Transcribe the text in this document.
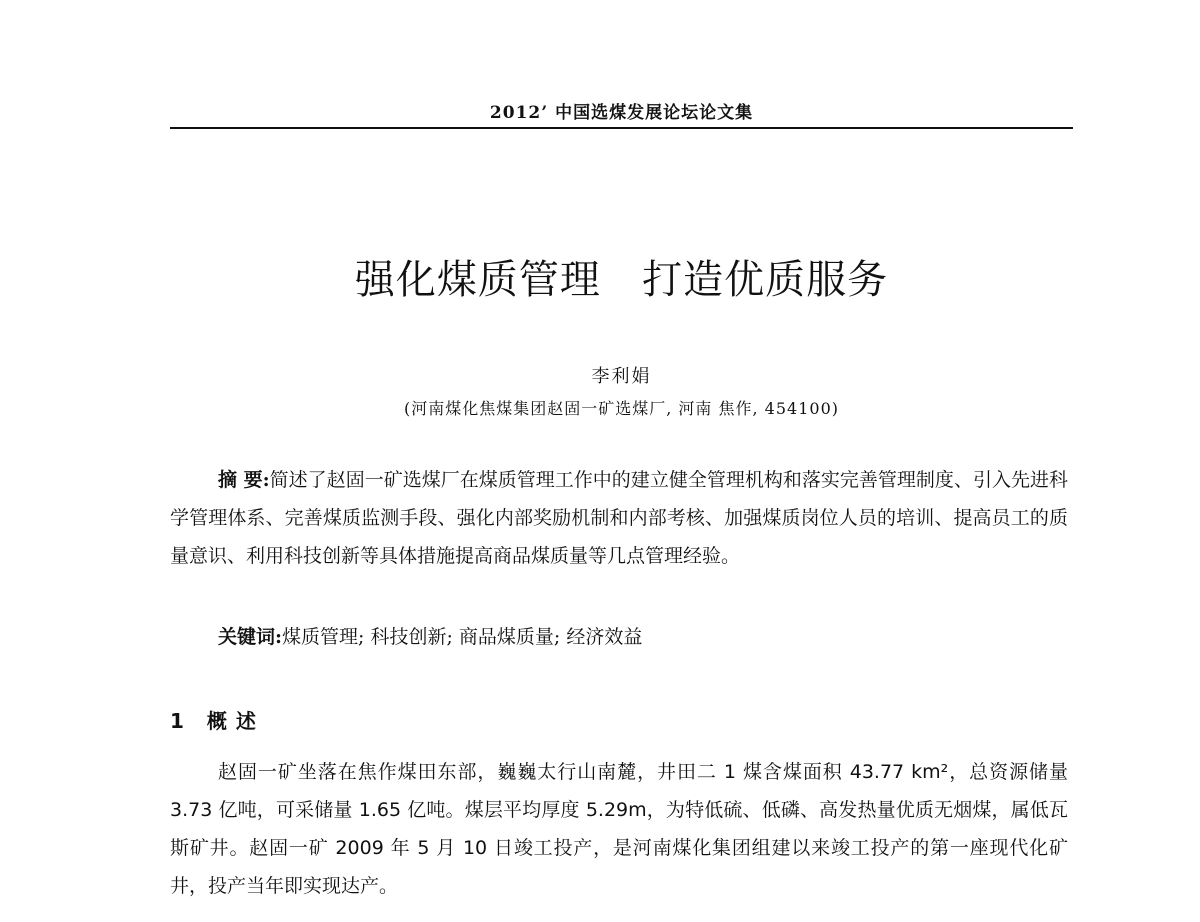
2012’ 中国选煤发展论坛论文集
强化煤质管理   打造优质服务
李利娟
(河南煤化焦煤集团赵固一矿选煤厂, 河南 焦作, 454100)

摘 要:简述了赵固一矿选煤厂在煤质管理工作中的建立健全管理机构和落实完善管理制度、引入先进科学管理体系、完善煤质监测手段、强化内部奖励机制和内部考核、加强煤质岗位人员的培训、提高员工的质量意识、利用科技创新等具体措施提高商品煤质量等几点管理经验。

关键词:煤质管理; 科技创新; 商品煤质量; 经济效益

1 概 述

赵固一矿坐落在焦作煤田东部，巍巍太行山南麓，井田二 1 煤含煤面积 43.77 km²，总资源储量 3.73 亿吨，可采储量 1.65 亿吨。煤层平均厚度 5.29m，为特低硫、低磷、高发热量优质无烟煤，属低瓦斯矿井。赵固一矿 2009 年 5 月 10 日竣工投产，是河南煤化集团组建以来竣工投产的第一座现代化矿井，投产当年即实现达产。
